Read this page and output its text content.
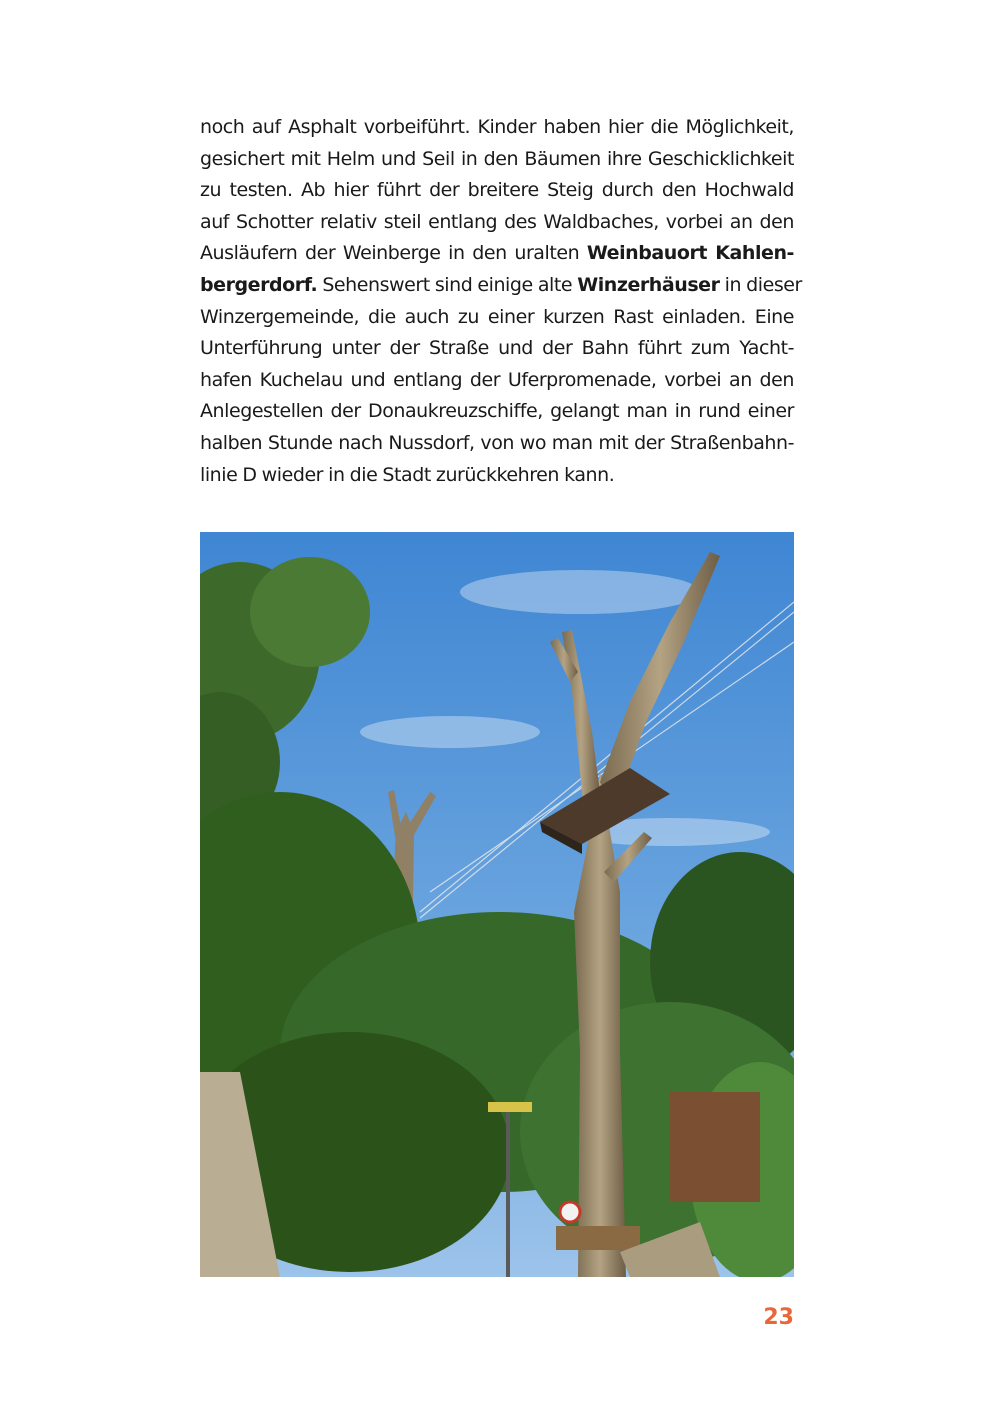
noch auf Asphalt vorbeiführt. Kinder haben hier die Möglichkeit,
gesichert mit Helm und Seil in den Bäumen ihre Geschicklichkeit
zu testen. Ab hier führt der breitere Steig durch den Hochwald
auf Schotter relativ steil entlang des Waldbaches, vorbei an den
Ausläufern der Weinberge in den uralten Weinbauort Kahlen-
bergerdorf. Sehenswert sind einige alte Winzerhäuser in dieser
Winzergemeinde, die auch zu einer kurzen Rast einladen. Eine
Unterführung unter der Straße und der Bahn führt zum Yacht-
hafen Kuchelau und entlang der Uferpromenade, vorbei an den
Anlegestellen der Donaukreuzschiffe, gelangt man in rund einer
halben Stunde nach Nussdorf, von wo man mit der Straßenbahn-
linie D wieder in die Stadt zurückkehren kann.
23
